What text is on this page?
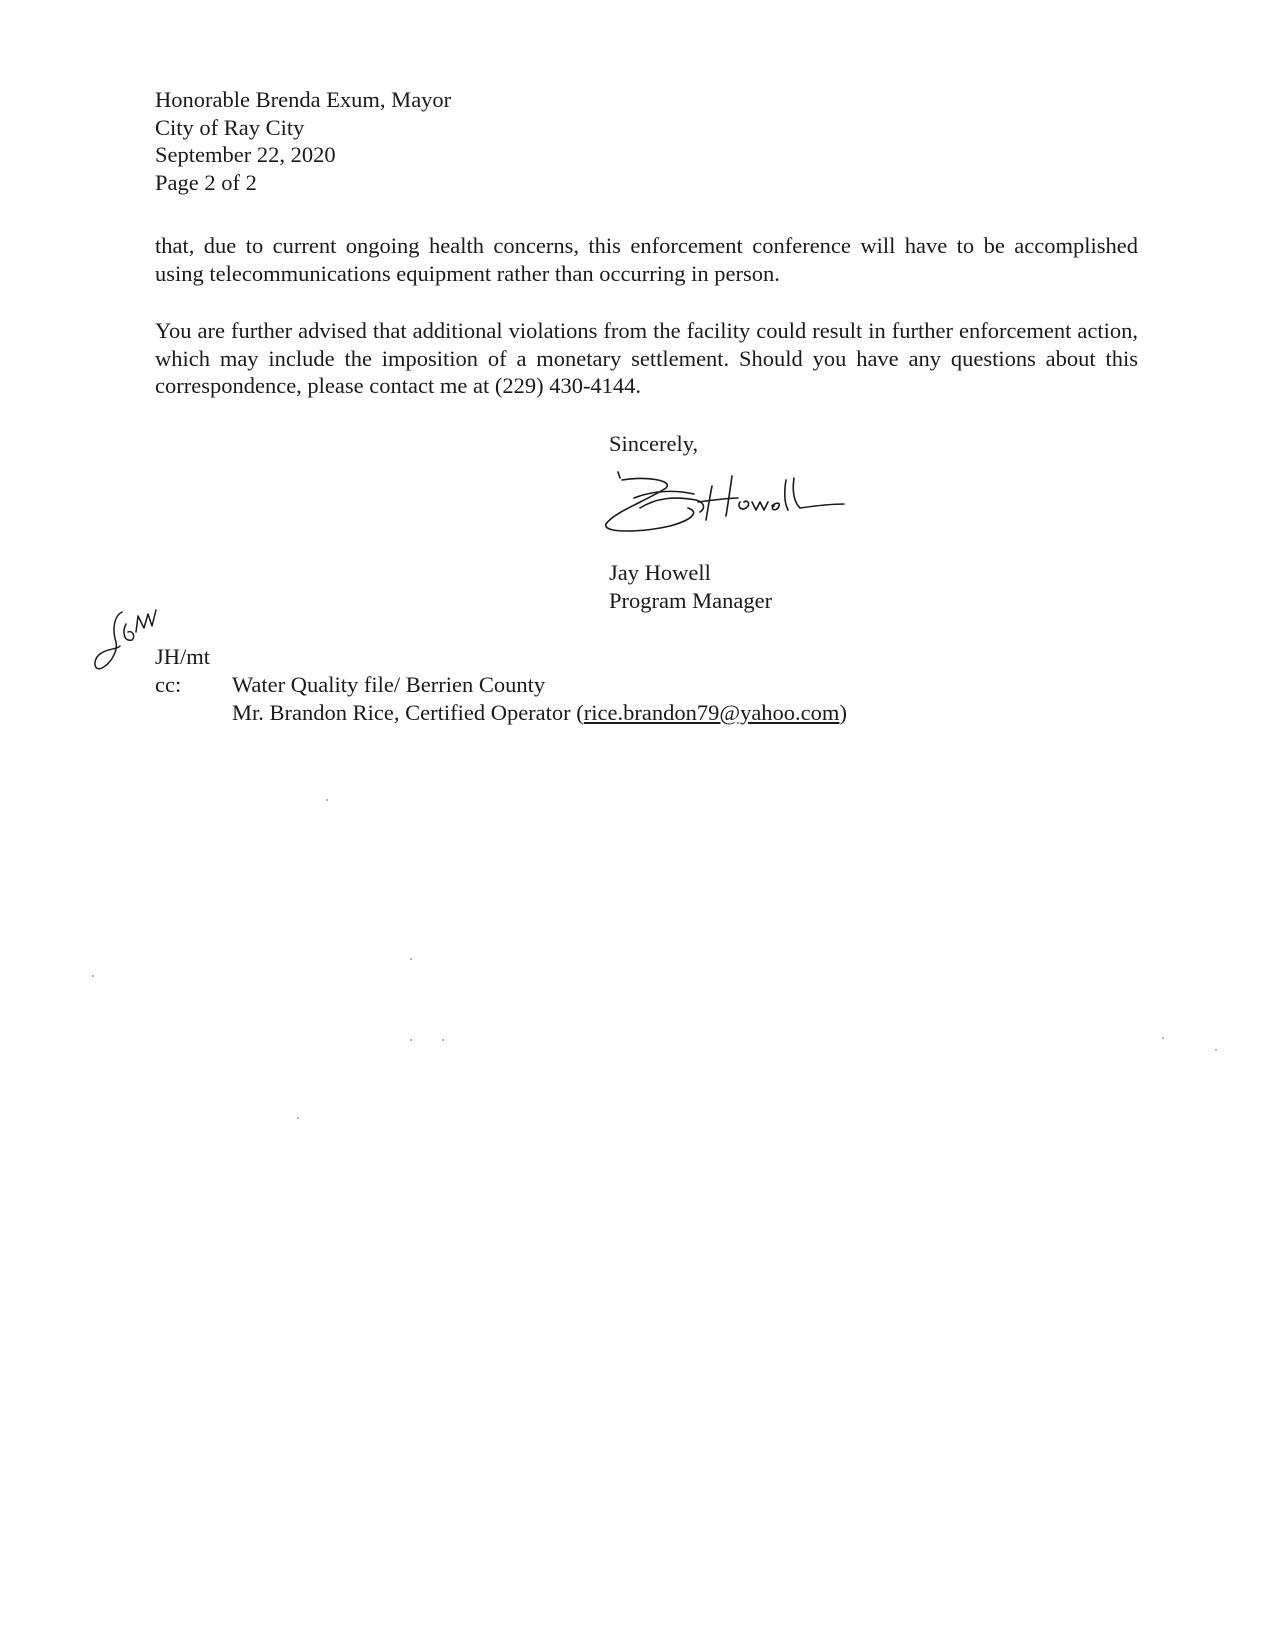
Honorable Brenda Exum, Mayor
City of Ray City
September 22, 2020
Page 2 of 2
that, due to current ongoing health concerns, this enforcement conference will have to be accomplished using telecommunications equipment rather than occurring in person.
You are further advised that additional violations from the facility could result in further enforcement action, which may include the imposition of a monetary settlement. Should you have any questions about this correspondence, please contact me at (229) 430-4144.
Sincerely,
Jay Howell
Program Manager
JH/mt
cc: Water Quality file/ Berrien County
Mr. Brandon Rice, Certified Operator (rice.brandon79@yahoo.com)
